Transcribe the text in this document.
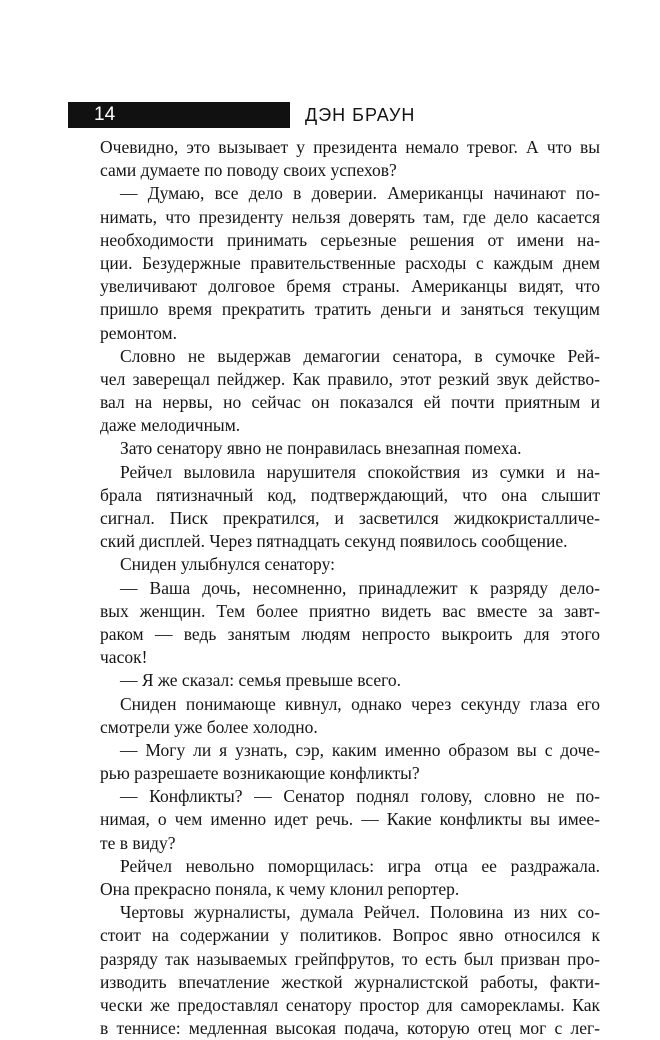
14	ДЭН БРАУН
Очевидно, это вызывает у президента немало тревог. А что вы
сами думаете по поводу своих успехов?
— Думаю, все дело в доверии. Американцы начинают по-
нимать, что президенту нельзя доверять там, где дело касается
необходимости принимать серьезные решения от имени на-
ции. Безудержные правительственные расходы с каждым днем
увеличивают долговое бремя страны. Американцы видят, что
пришло время прекратить тратить деньги и заняться текущим
ремонтом.
Словно не выдержав демагогии сенатора, в сумочке Рей-
чел заверещал пейджер. Как правило, этот резкий звук действо-
вал на нервы, но сейчас он показался ей почти приятным и
даже мелодичным.
Зато сенатору явно не понравилась внезапная помеха.
Рейчел выловила нарушителя спокойствия из сумки и на-
брала пятизначный код, подтверждающий, что она слышит
сигнал. Писк прекратился, и засветился жидкокристалличе-
ский дисплей. Через пятнадцать секунд появилось сообщение.
Сниден улыбнулся сенатору:
— Ваша дочь, несомненно, принадлежит к разряду дело-
вых женщин. Тем более приятно видеть вас вместе за завт-
раком — ведь занятым людям непросто выкроить для этого
часок!
— Я же сказал: семья превыше всего.
Сниден понимающе кивнул, однако через секунду глаза его
смотрели уже более холодно.
— Могу ли я узнать, сэр, каким именно образом вы с доче-
рью разрешаете возникающие конфликты?
— Конфликты? — Сенатор поднял голову, словно не по-
нимая, о чем именно идет речь. — Какие конфликты вы имее-
те в виду?
Рейчел невольно поморщилась: игра отца ее раздражала.
Она прекрасно поняла, к чему клонил репортер.
Чертовы журналисты, думала Рейчел. Половина из них со-
стоит на содержании у политиков. Вопрос явно относился к
разряду так называемых грейпфрутов, то есть был призван про-
изводить впечатление жесткой журналистской работы, факти-
чески же предоставлял сенатору простор для саморекламы. Как
в теннисе: медленная высокая подача, которую отец мог с лег-
